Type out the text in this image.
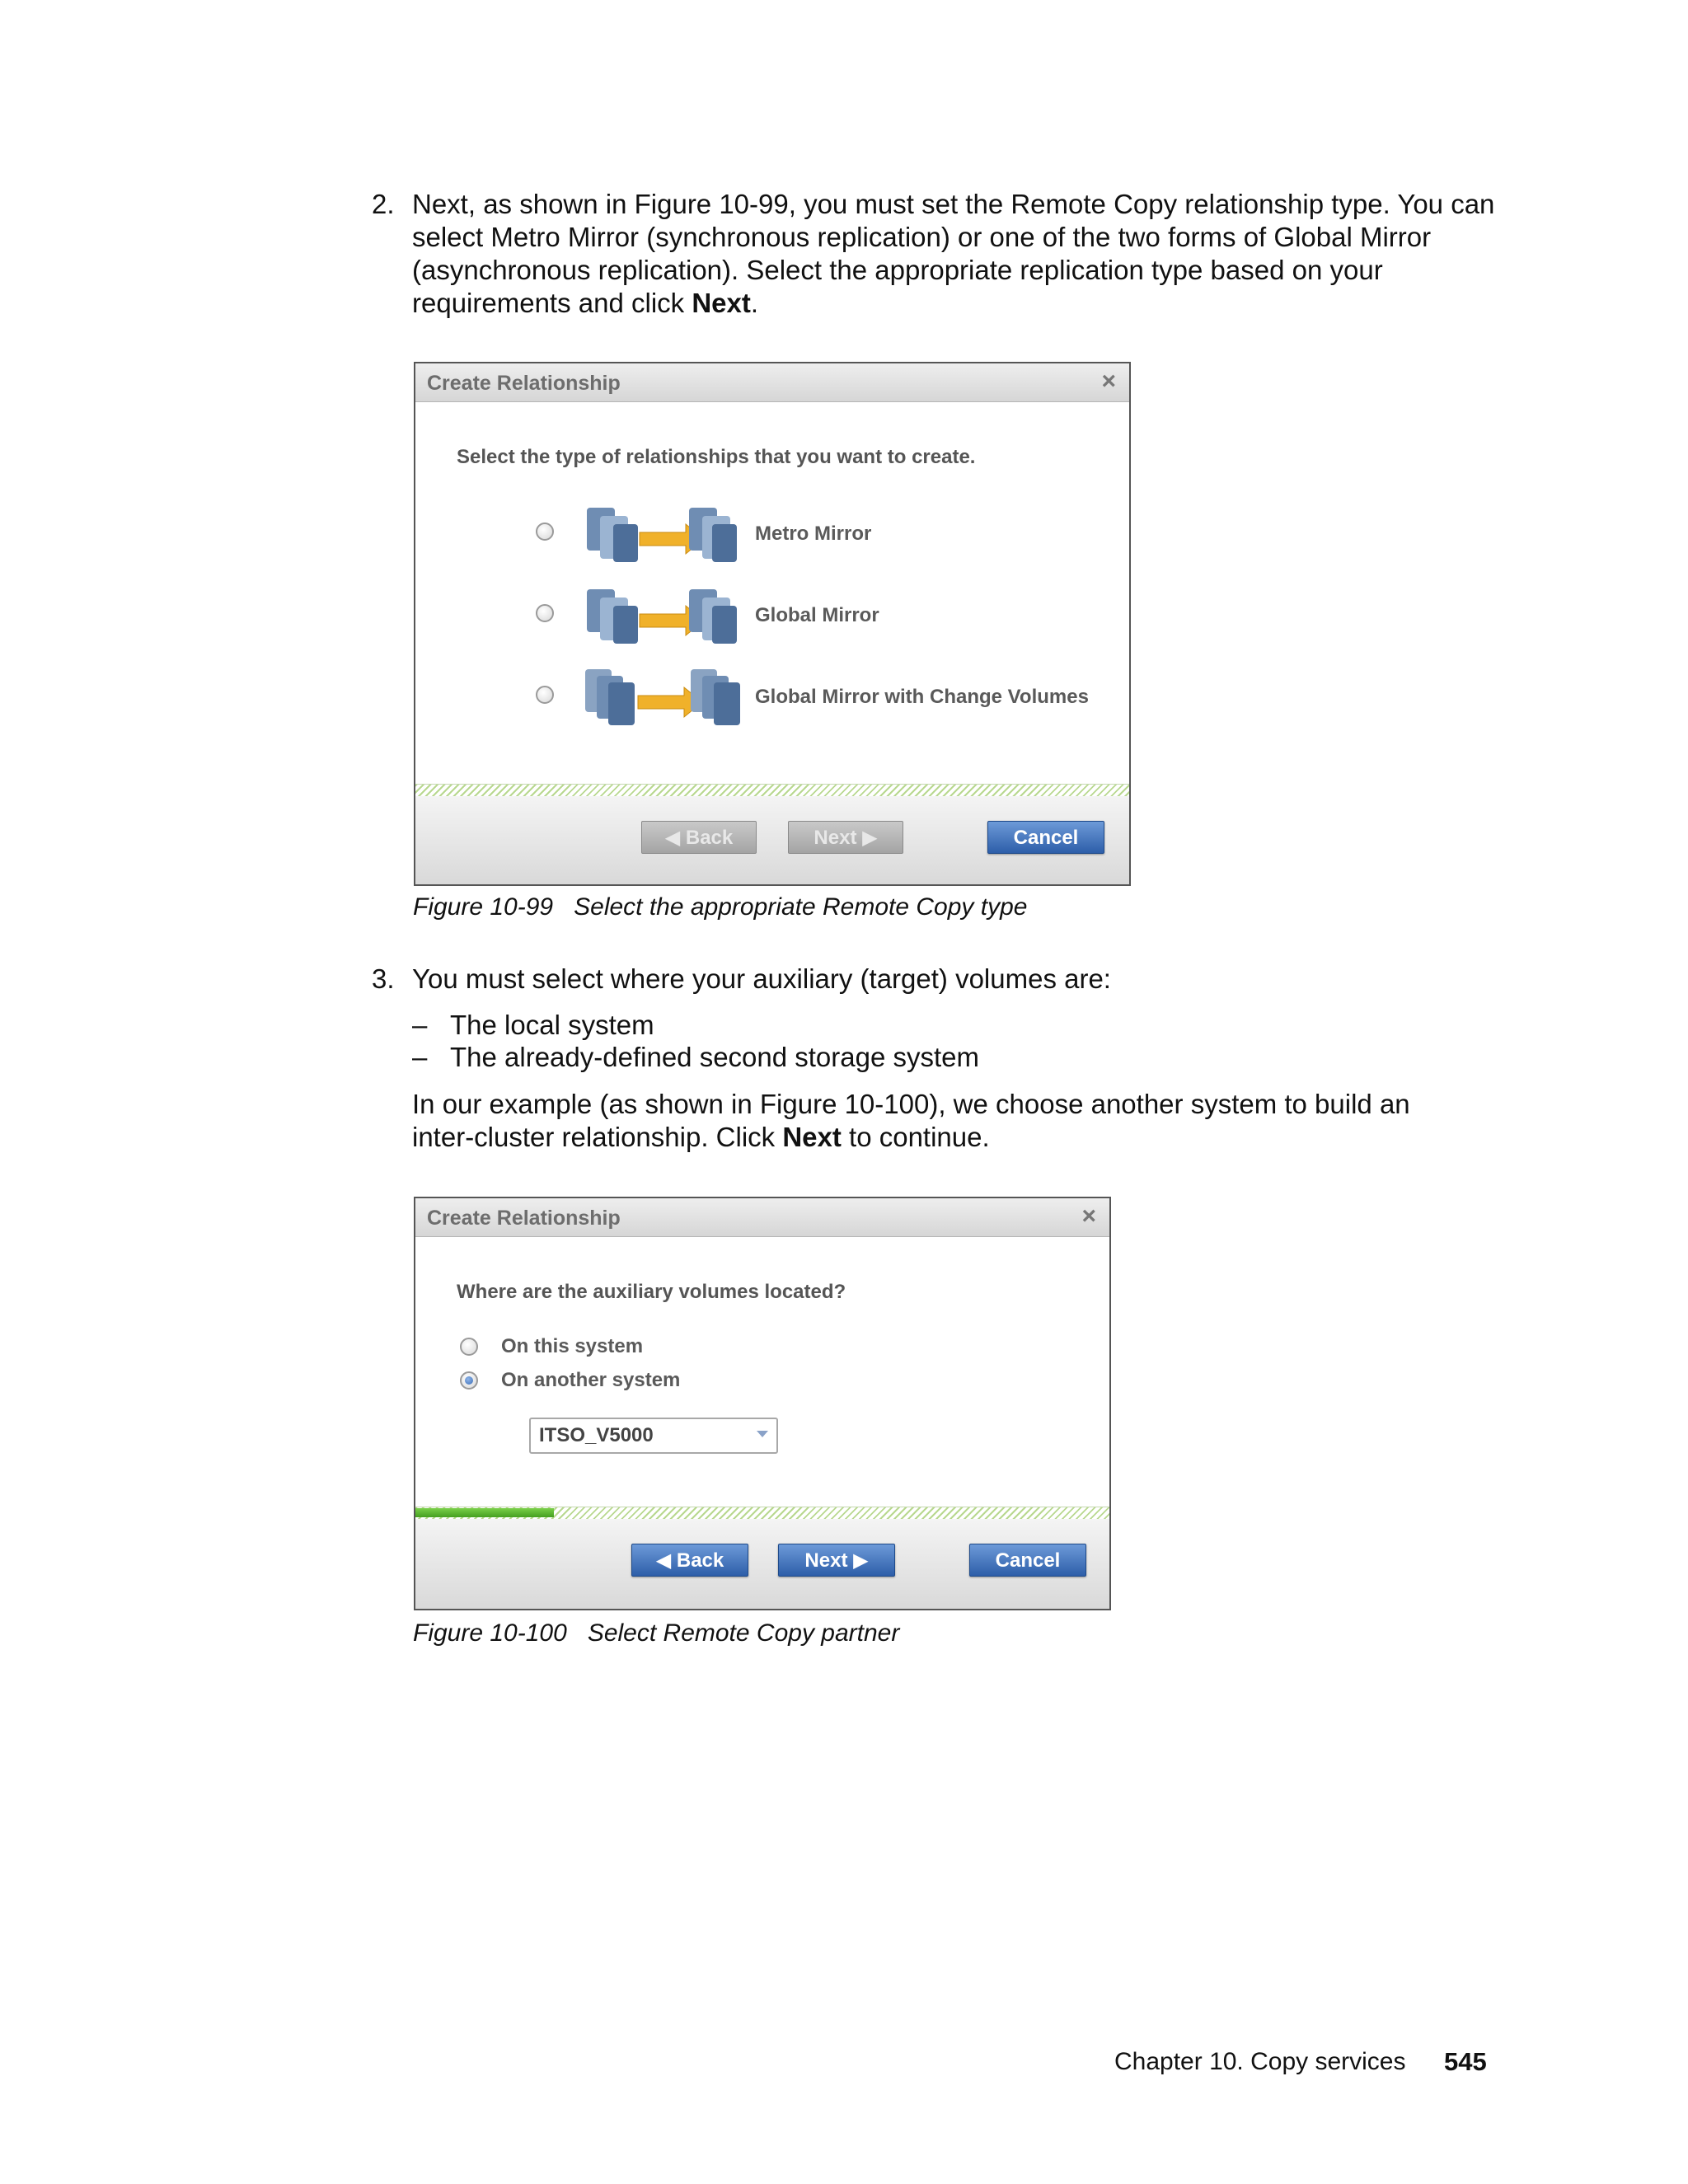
2. Next, as shown in Figure 10-99, you must set the Remote Copy relationship type. You can select Metro Mirror (synchronous replication) or one of the two forms of Global Mirror (asynchronous replication). Select the appropriate replication type based on your requirements and click Next.
Create Relationship	×
Select the type of relationships that you want to create.
Metro Mirror
Global Mirror
Global Mirror with Change Volumes
◀ Back	Next ▶	Cancel
Figure 10-99 Select the appropriate Remote Copy type
3. You must select where your auxiliary (target) volumes are:
– The local system
– The already-defined second storage system
In our example (as shown in Figure 10-100), we choose another system to build an inter-cluster relationship. Click Next to continue.
Create Relationship	×
Where are the auxiliary volumes located?
On this system
On another system
ITSO_V5000
◀ Back	Next ▶	Cancel
Figure 10-100 Select Remote Copy partner
Chapter 10. Copy services 545
